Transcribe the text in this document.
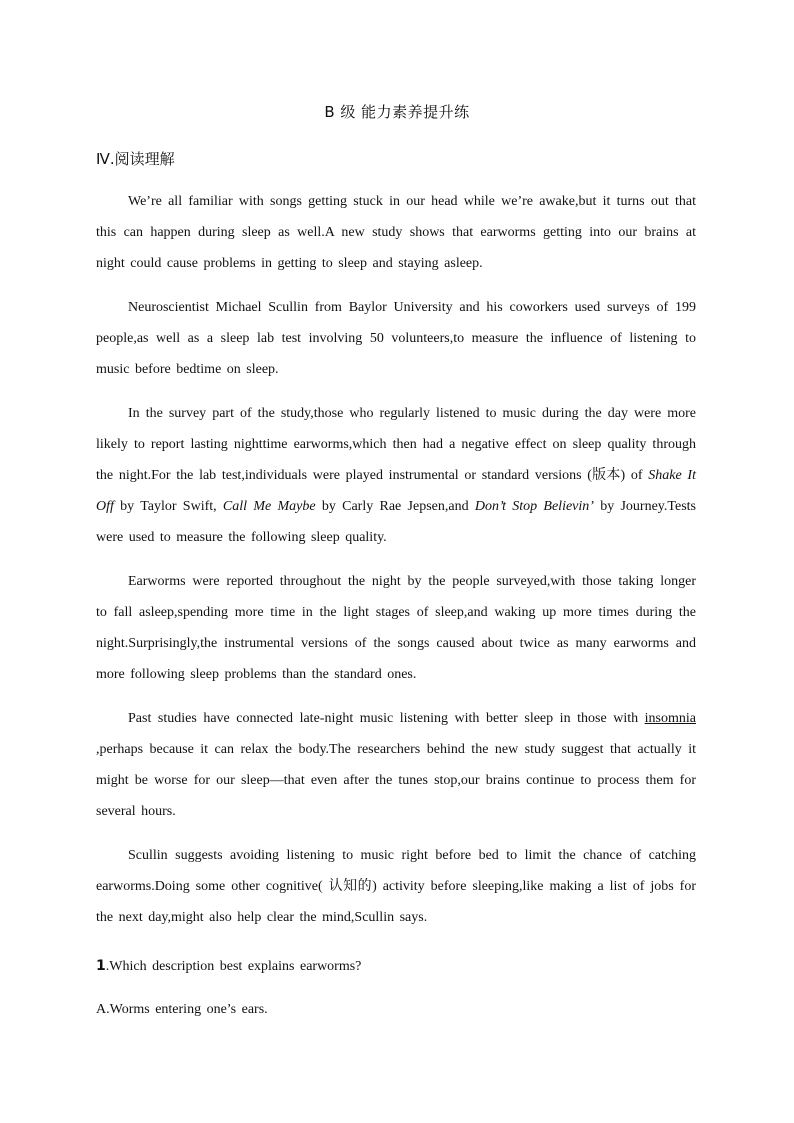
B 级 能力素养提升练
Ⅳ.阅读理解

We’re all familiar with songs getting stuck in our head while we’re awake,but it turns out that this can happen during sleep as well.A new study shows that earworms getting into our brains at night could cause problems in getting to sleep and staying asleep.

Neuroscientist Michael Scullin from Baylor University and his coworkers used surveys of 199 people,as well as a sleep lab test involving 50 volunteers,to measure the influence of listening to music before bedtime on sleep.

In the survey part of the study,those who regularly listened to music during the day were more likely to report lasting nighttime earworms,which then had a negative effect on sleep quality through the night.For the lab test,individuals were played instrumental or standard versions (版本) of Shake It Off by Taylor Swift, Call Me Maybe by Carly Rae Jepsen,and Don’t Stop Believin’ by Journey.Tests were used to measure the following sleep quality.

Earworms were reported throughout the night by the people surveyed,with those taking longer to fall asleep,spending more time in the light stages of sleep,and waking up more times during the night.Surprisingly,the instrumental versions of the songs caused about twice as many earworms and more following sleep problems than the standard ones.

Past studies have connected late-night music listening with better sleep in those with insomnia ,perhaps because it can relax the body.The researchers behind the new study suggest that actually it might be worse for our sleep—that even after the tunes stop,our brains continue to process them for several hours.

Scullin suggests avoiding listening to music right before bed to limit the chance of catching earworms.Doing some other cognitive( 认知的) activity before sleeping,like making a list of jobs for the next day,might also help clear the mind,Scullin says.

1.Which description best explains earworms?
A.Worms entering one’s ears.
